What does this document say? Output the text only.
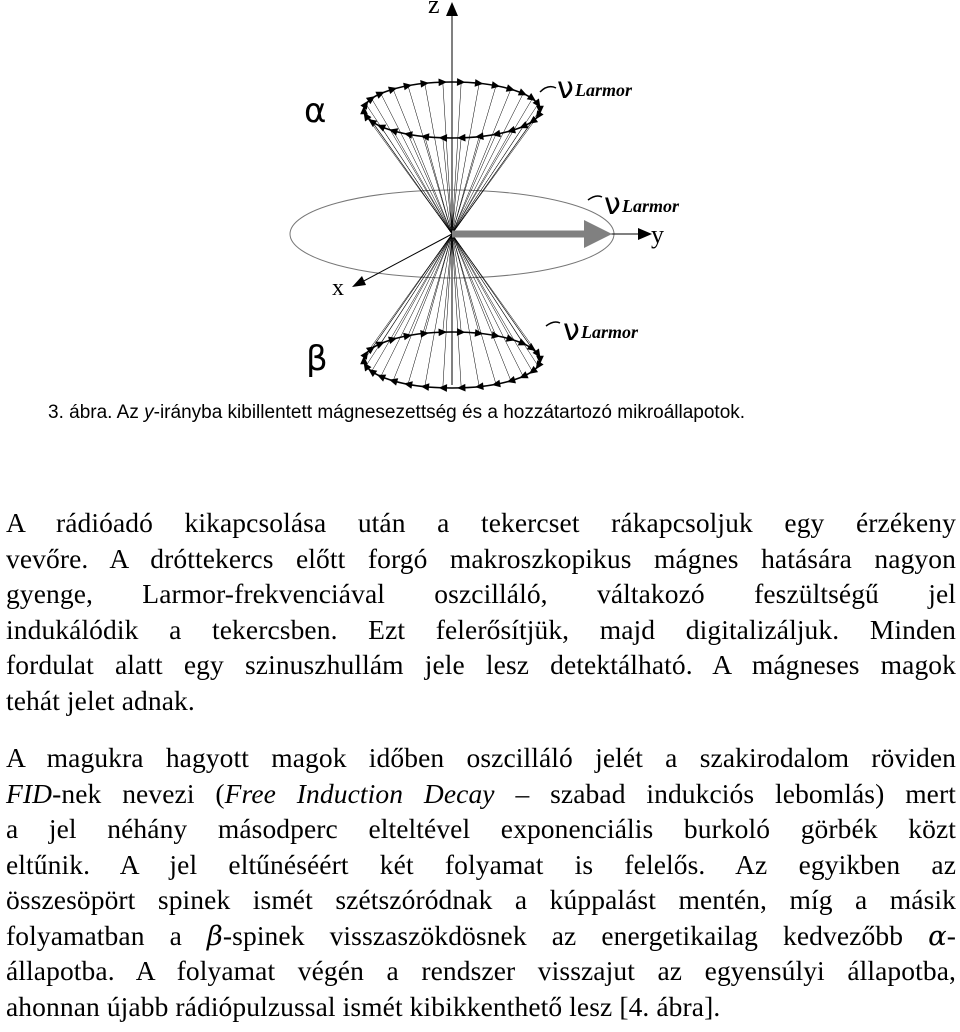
z
y
x
α
β
ν Larmor
ν Larmor
ν Larmor
3. ábra. Az y-irányba kibillentett mágnesezettség és a hozzátartozó mikroállapotok.
A rádióadó kikapcsolása után a tekercset rákapcsoljuk egy érzékeny
vevőre. A dróttekercs előtt forgó makroszkopikus mágnes hatására nagyon
gyenge, Larmor-frekvenciával oszcilláló, váltakozó feszültségű jel
indukálódik a tekercsben. Ezt felerősítjük, majd digitalizáljuk. Minden
fordulat alatt egy szinuszhullám jele lesz detektálható. A mágneses magok
tehát jelet adnak.
A magukra hagyott magok időben oszcilláló jelét a szakirodalom röviden
FID-nek nevezi (Free Induction Decay – szabad indukciós lebomlás) mert
a jel néhány másodperc elteltével exponenciális burkoló görbék közt
eltűnik. A jel eltűnéséért két folyamat is felelős. Az egyikben az
összesöpört spinek ismét szétszóródnak a kúppalást mentén, míg a másik
folyamatban a β-spinek visszaszökdösnek az energetikailag kedvezőbb α-
állapotba. A folyamat végén a rendszer visszajut az egyensúlyi állapotba,
ahonnan újabb rádiópulzussal ismét kibikkenthető lesz [4. ábra].
